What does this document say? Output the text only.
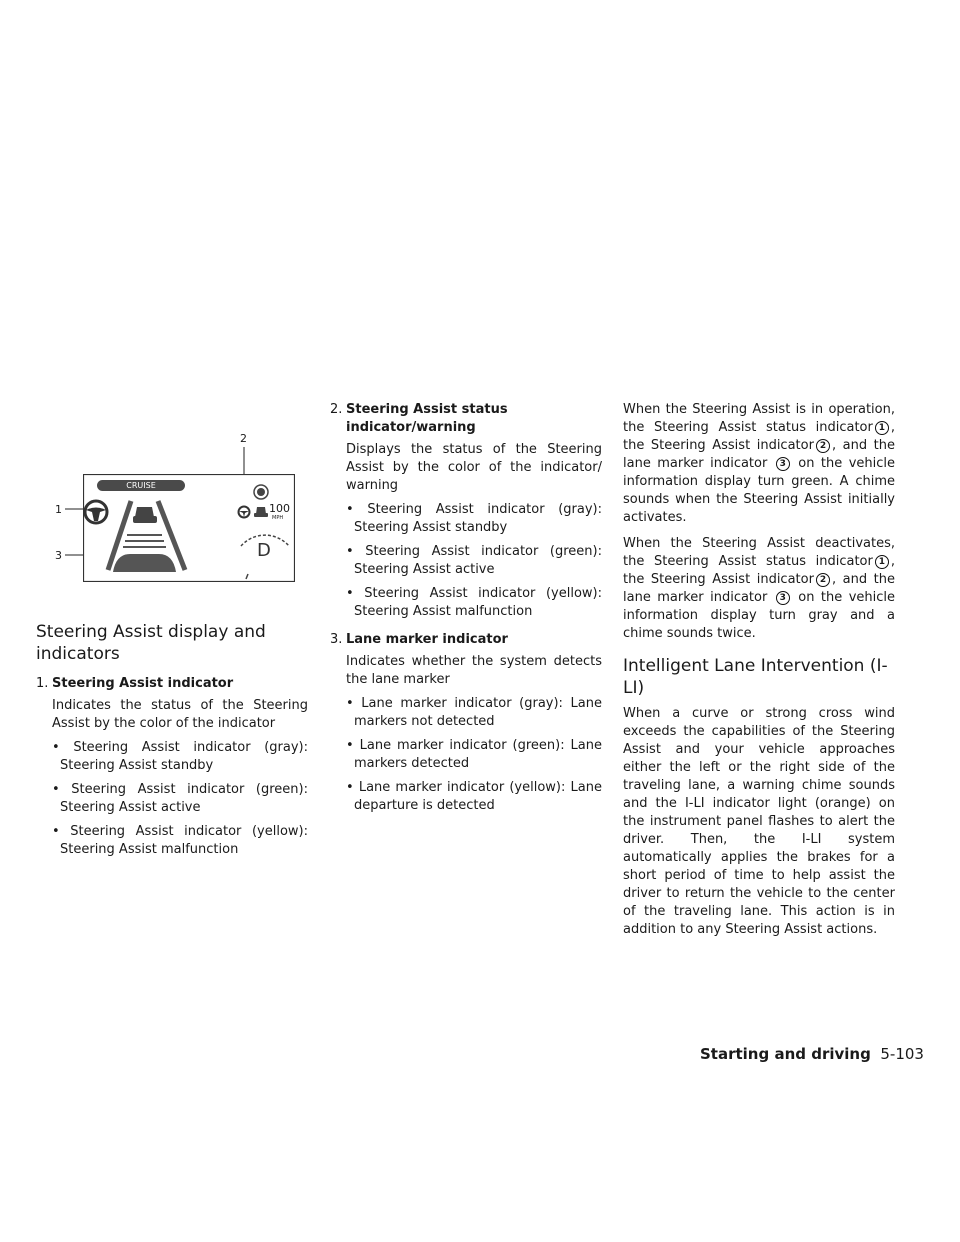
1
2
3
CRUISE
100
MPH
D
Steering Assist display and indicators
1. Steering Assist indicator

Indicates the status of the Steering Assist by the color of the indicator

• Steering Assist indicator (gray): Steering Assist standby

• Steering Assist indicator (green): Steering Assist active

• Steering Assist indicator (yellow): Steering Assist malfunction

2. Steering Assist status indicator/warning

Displays the status of the Steering Assist by the color of the indicator/ warning

• Steering Assist indicator (gray): Steering Assist standby

• Steering Assist indicator (green): Steering Assist active

• Steering Assist indicator (yellow): Steering Assist malfunction

3. Lane marker indicator

Indicates whether the system detects the lane marker

• Lane marker indicator (gray): Lane markers not detected

• Lane marker indicator (green): Lane markers detected

• Lane marker indicator (yellow): Lane departure is detected

When the Steering Assist is in operation, the Steering Assist status indicator 1 , the Steering Assist indicator 2 , and the lane marker indicator 3 on the vehicle information display turn green. A chime sounds when the Steering Assist initially activates.

When the Steering Assist deactivates, the Steering Assist status indicator 1 , the Steering Assist indicator 2 , and the lane marker indicator 3 on the vehicle information display turn gray and a chime sounds twice.

Intelligent Lane Intervention (I-LI)

When a curve or strong cross wind exceeds the capabilities of the Steering Assist and your vehicle approaches either the left or the right side of the traveling lane, a warning chime sounds and the I-LI indicator light (orange) on the instrument panel flashes to alert the driver. Then, the I-LI system automatically applies the brakes for a short period of time to help assist the driver to return the vehicle to the center of the traveling lane. This action is in addition to any Steering Assist actions.

Starting and driving 5-103
